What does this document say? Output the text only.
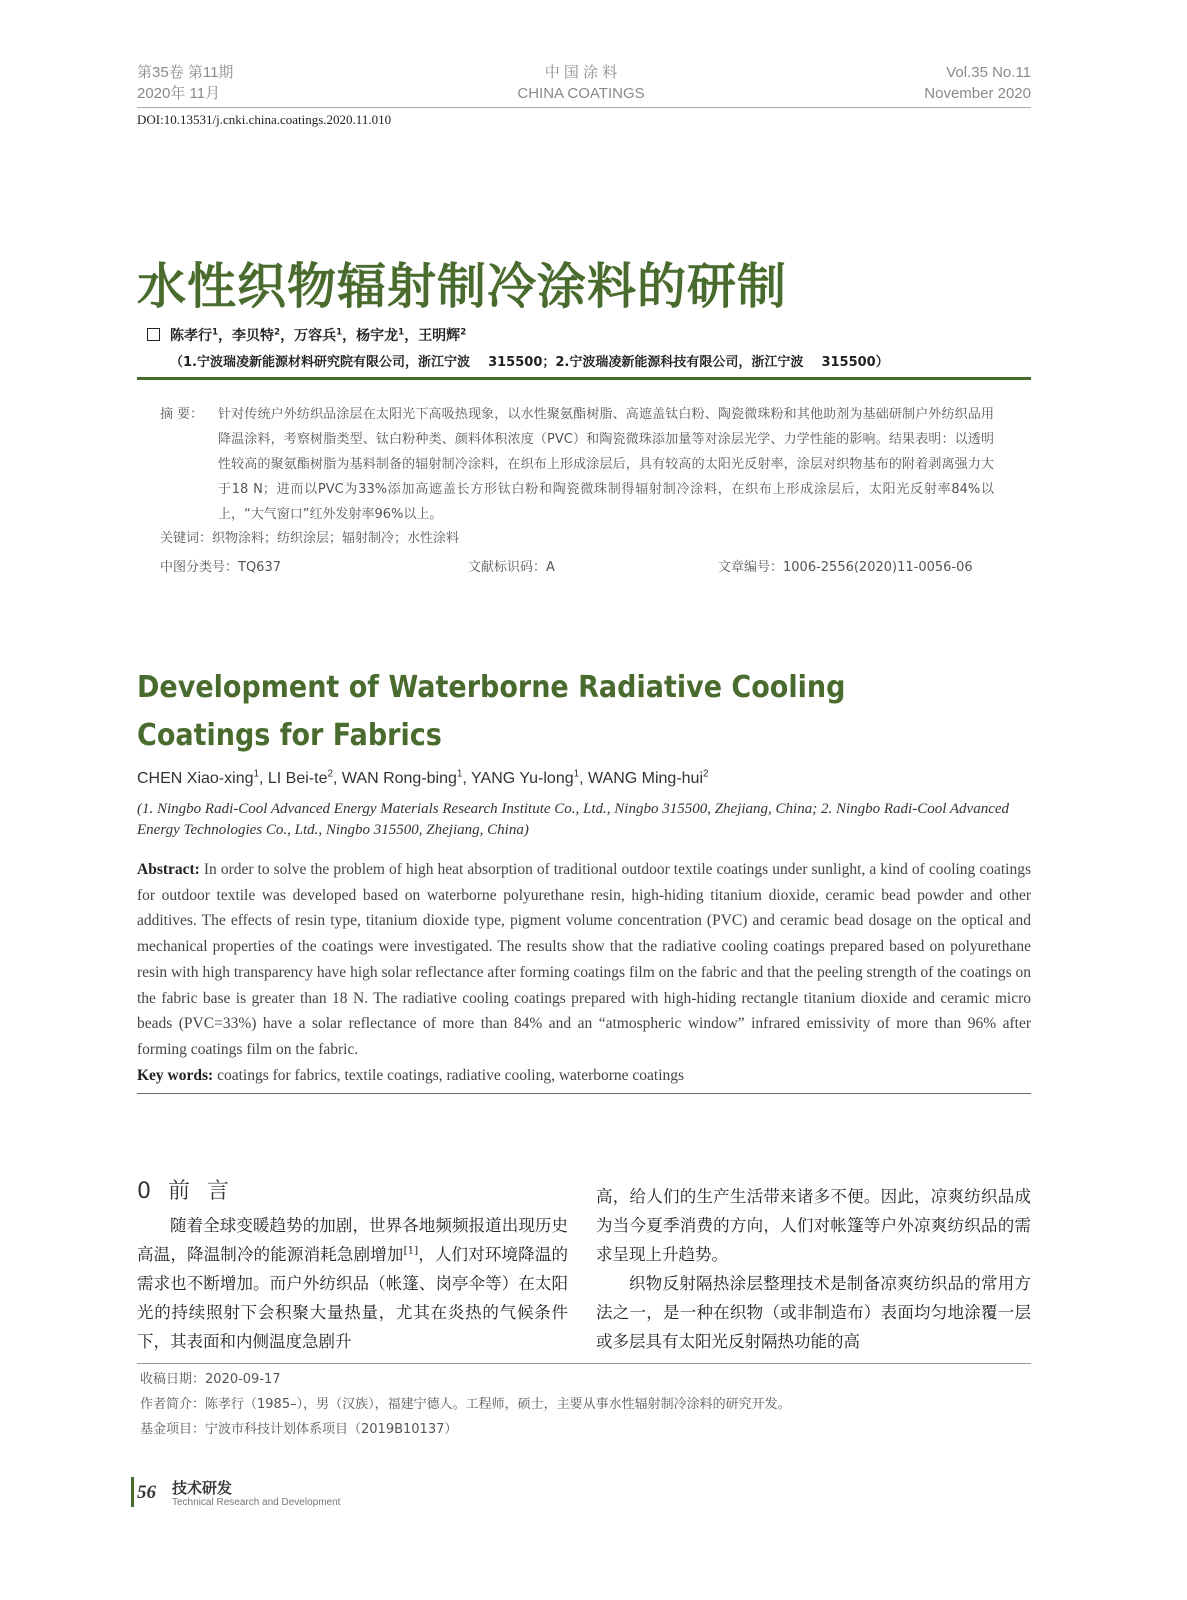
第35卷 第11期
2020年 11月
中 国 涂 料
CHINA COATINGS
Vol.35 No.11
November 2020
DOI:10.13531/j.cnki.china.coatings.2020.11.010
水性织物辐射制冷涂料的研制
陈孝行$^1$，李贝特$^2$，万容兵$^1$，杨宇龙$^1$，王明辉$^2$
（1.宁波瑞凌新能源材料研究院有限公司，浙江宁波    315500；2.宁波瑞凌新能源科技有限公司，浙江宁波    315500）
摘 要： 针对传统户外纺织品涂层在太阳光下高吸热现象，以水性聚氨酯树脂、高遮盖钛白粉、陶瓷微珠粉和其他助剂为基础研制户外纺织品用降温涂料，考察树脂类型、钛白粉种类、颜料体积浓度（PVC）和陶瓷微珠添加量等对涂层光学、力学性能的影响。结果表明：以透明性较高的聚氨酯树脂为基料制备的辐射制冷涂料，在织布上形成涂层后，具有较高的太阳光反射率，涂层对织物基布的附着剥离强力大于18 N；进而以PVC为33%添加高遮盖长方形钛白粉和陶瓷微珠制得辐射制冷涂料，在织布上形成涂层后，太阳光反射率84%以上，“大气窗口”红外发射率96%以上。
关键词：织物涂料；纺织涂层；辐射制冷；水性涂料
中图分类号：TQ637	文献标识码：A	文章编号：1006-2556(2020)11-0056-06
Development of Waterborne Radiative Cooling Coatings for Fabrics
CHEN Xiao-xing$^1$, LI Bei-$te^2$, WAN Rong-bing$^1$, YANG Yu-long$^1$, WANG Ming-hui$^2$
(1. Ningbo Radi-Cool Advanced Energy Materials Research Institute Co., Ltd., Ningbo 315500, Zhejiang, China; 2. Ningbo Radi-Cool Advanced Energy Technologies Co., Ltd., Ningbo 315500, Zhejiang, China)
Abstract: In order to solve the problem of high heat absorption of traditional outdoor textile coatings under sunlight, a kind of cooling coatings for outdoor textile was developed based on waterborne polyurethane resin, high-hiding titanium dioxide, ceramic bead powder and other additives. The effects of resin type, titanium dioxide type, pigment volume concentration (PVC) and ceramic bead dosage on the optical and mechanical properties of the coatings were investigated. The results show that the radiative cooling coatings prepared based on polyurethane resin with high transparency have high solar reflectance after forming coatings film on the fabric and that the peeling strength of the coatings on the fabric base is greater than 18 N. The radiative cooling coatings prepared with high-hiding rectangle titanium dioxide and ceramic micro beads (PVC=33%) have a solar reflectance of more than 84% and an “atmospheric window” infrared emissivity of more than 96% after forming coatings film on the fabric.
Key words: coatings for fabrics, textile coatings, radiative cooling, waterborne coatings
0  前  言

随着全球变暖趋势的加剧，世界各地频频报道出现历史高温，降温制冷的能源消耗急剧增加[1]，人们对环境降温的需求也不断增加。而户外纺织品（帐篷、岗亭伞等）在太阳光的持续照射下会积聚大量热量，尤其在炎热的气候条件下，其表面和内侧温度急剧升

高，给人们的生产生活带来诸多不便。因此，凉爽纺织品成为当今夏季消费的方向，人们对帐篷等户外凉爽纺织品的需求呈现上升趋势。

织物反射隔热涂层整理技术是制备凉爽纺织品的常用方法之一，是一种在织物（或非制造布）表面均匀地涂覆一层或多层具有太阳光反射隔热功能的高

收稿日期：2020-09-17
作者简介：陈孝行（1985–），男（汉族），福建宁德人。工程师，硕士，主要从事水性辐射制冷涂料的研究开发。
基金项目：宁波市科技计划体系项目（2019B10137）
56 技术研发
Technical Research and Development
